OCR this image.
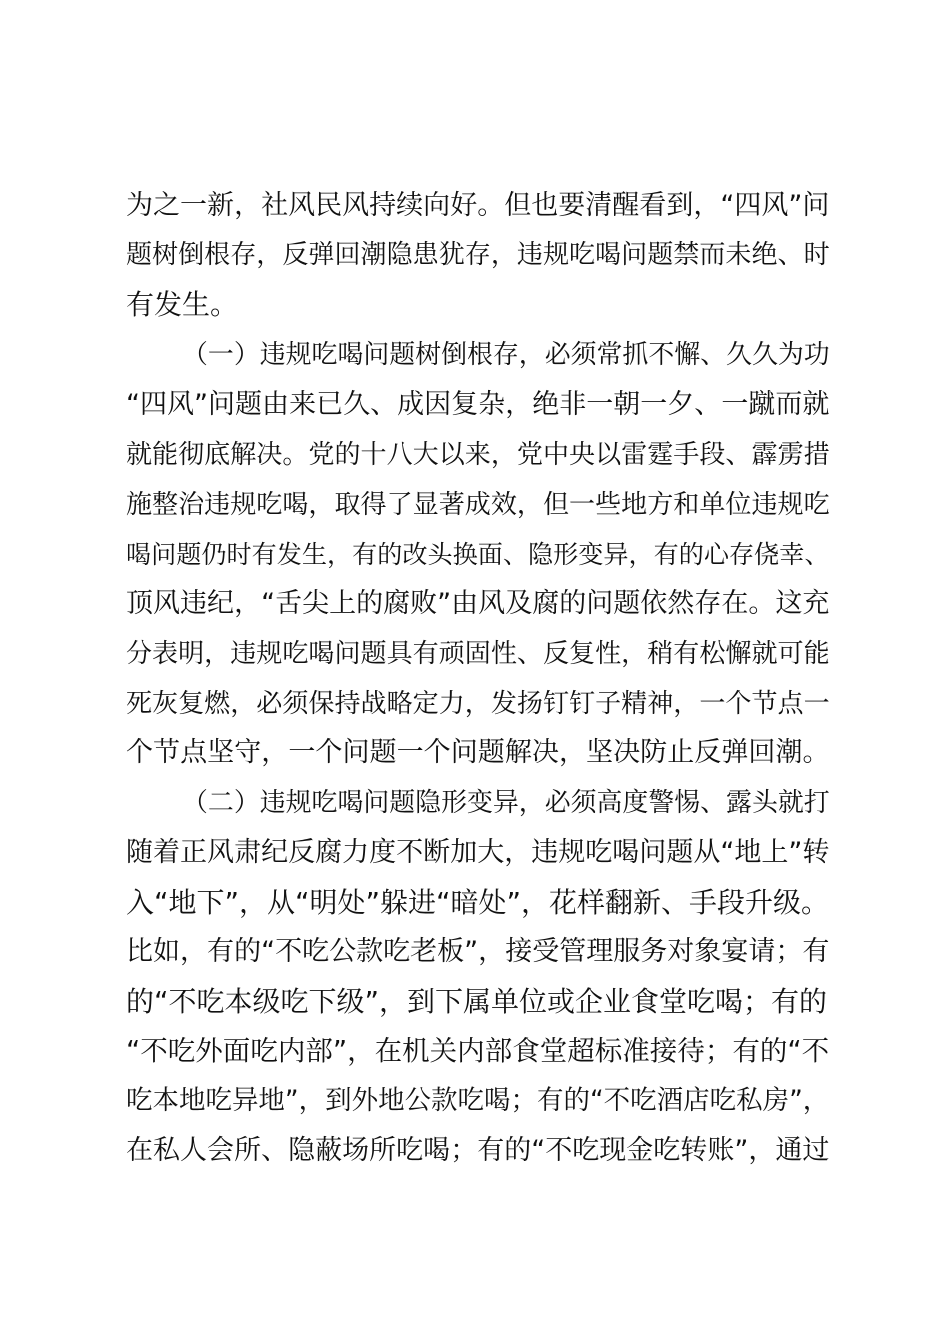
为之一新，社风民风持续向好。但也要清醒看到，“四风”问
题树倒根存，反弹回潮隐患犹存，违规吃喝问题禁而未绝、时
有发生。
（一）违规吃喝问题树倒根存，必须常抓不懈、久久为功
“四风”问题由来已久、成因复杂，绝非一朝一夕、一蹴而就
就能彻底解决。党的十八大以来，党中央以雷霆手段、霹雳措
施整治违规吃喝，取得了显著成效，但一些地方和单位违规吃
喝问题仍时有发生，有的改头换面、隐形变异，有的心存侥幸、
顶风违纪，“舌尖上的腐败”由风及腐的问题依然存在。这充
分表明，违规吃喝问题具有顽固性、反复性，稍有松懈就可能
死灰复燃，必须保持战略定力，发扬钉钉子精神，一个节点一
个节点坚守，一个问题一个问题解决，坚决防止反弹回潮。
（二）违规吃喝问题隐形变异，必须高度警惕、露头就打
随着正风肃纪反腐力度不断加大，违规吃喝问题从“地上”转
入“地下”，从“明处”躲进“暗处”，花样翻新、手段升级。
比如，有的“不吃公款吃老板”，接受管理服务对象宴请；有
的“不吃本级吃下级”，到下属单位或企业食堂吃喝；有的
“不吃外面吃内部”，在机关内部食堂超标准接待；有的“不
吃本地吃异地”，到外地公款吃喝；有的“不吃酒店吃私房”，
在私人会所、隐蔽场所吃喝；有的“不吃现金吃转账”，通过
